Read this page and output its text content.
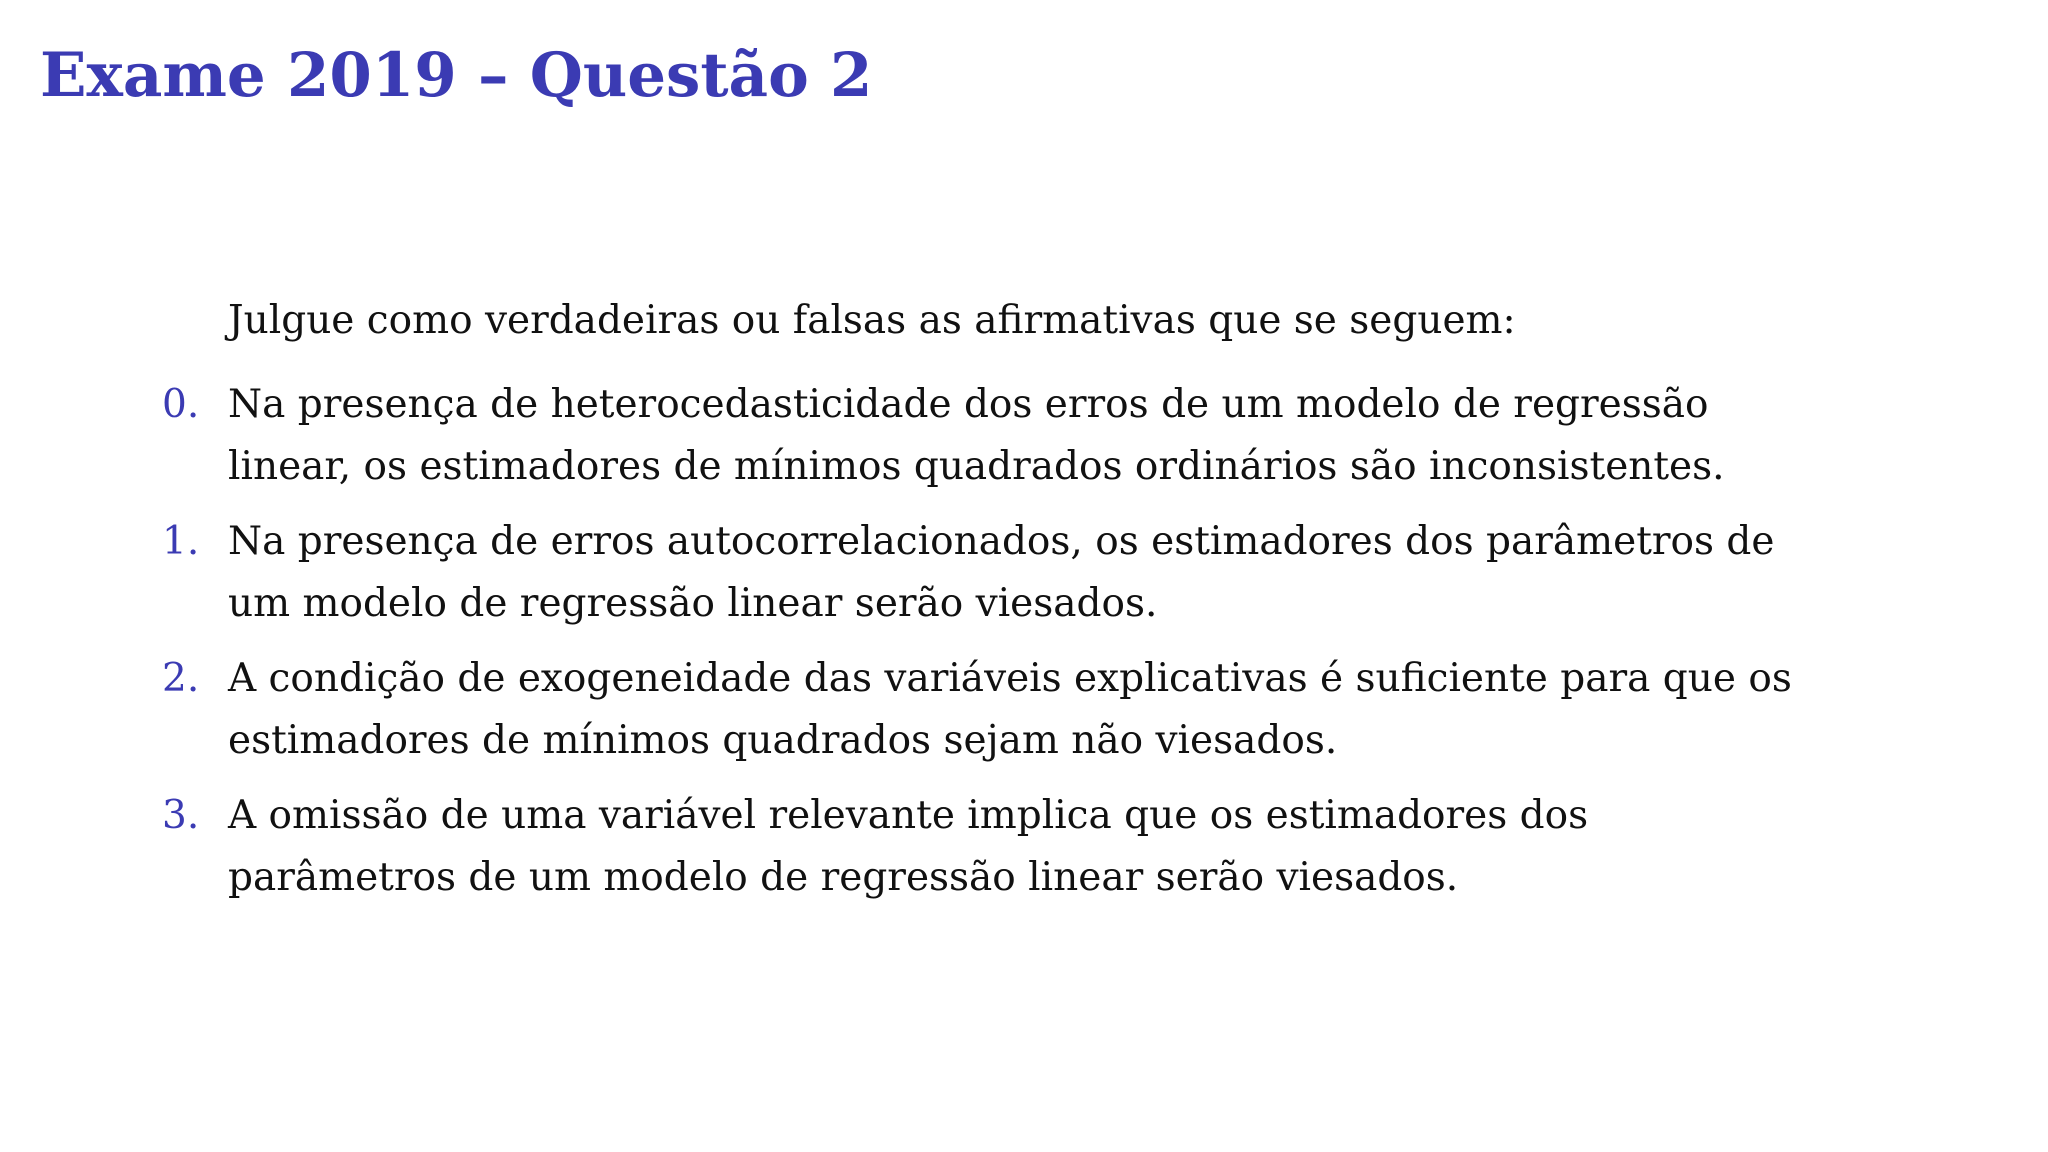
Exame 2019 – Questão 2

Julgue como verdadeiras ou falsas as afirmativas que se seguem:

0. Na presença de heterocedasticidade dos erros de um modelo de regressão
linear, os estimadores de mínimos quadrados ordinários são inconsistentes.
1. Na presença de erros autocorrelacionados, os estimadores dos parâmetros de
um modelo de regressão linear serão viesados.
2. A condição de exogeneidade das variáveis explicativas é suficiente para que os
estimadores de mínimos quadrados sejam não viesados.
3. A omissão de uma variável relevante implica que os estimadores dos
parâmetros de um modelo de regressão linear serão viesados.
